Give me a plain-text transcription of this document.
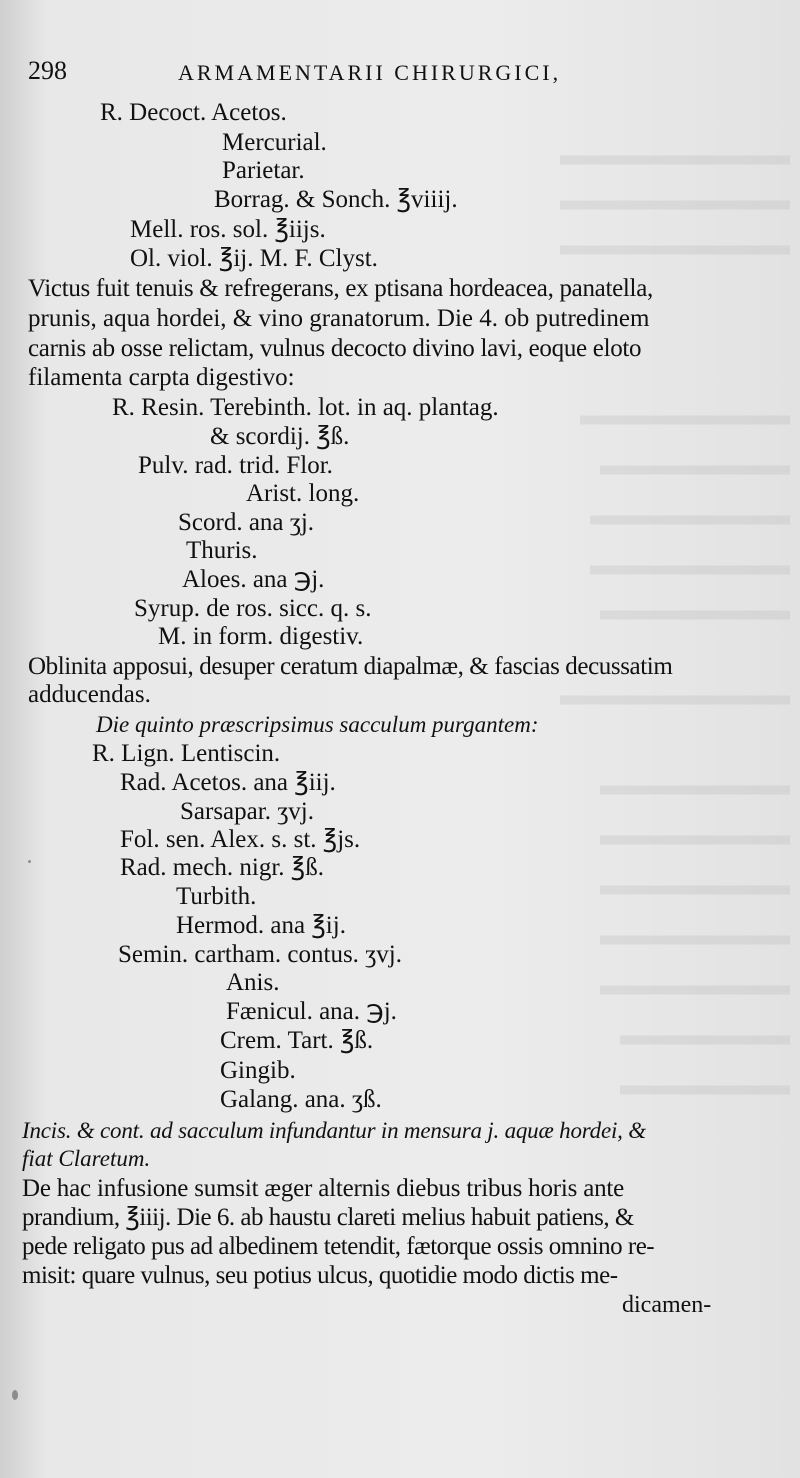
298	ARMAMENTARII CHIRURGICI,
R. Decoct. Acetos.
Mercurial.
Parietar.
Borrag. & Sonch. ℥viiij.
Mell. ros. sol. ℥iijs.
Ol. viol. ℥ij. M. F. Clyst.
Victus fuit tenuis & refregerans, ex ptisana hordeacea, panatella,
prunis, aqua hordei, & vino granatorum. Die 4. ob putredinem
carnis ab osse relictam, vulnus decocto divino lavi, eoque eloto
filamenta carpta digestivo:
R. Resin. Terebinth. lot. in aq. plantag.
& scordij. ℥ß.
Pulv. rad. trid. Flor.
Arist. long.
Scord. ana ʒj.
Thuris.
Aloes. ana ℈j.
Syrup. de ros. sicc. q. s.
M. in form. digestiv.
Oblinita apposui, desuper ceratum diapalmæ, & fascias decussatim
adducendas.
Die quinto præscripsimus sacculum purgantem:
R. Lign. Lentiscin.
Rad. Acetos. ana ℥iij.
Sarsapar. ʒvj.
Fol. sen. Alex. s. st. ℥js.
Rad. mech. nigr. ℥ß.
Turbith.
Hermod. ana ℥ij.
Semin. cartham. contus. ʒvj.
Anis.
Fænicul. ana. ℈j.
Crem. Tart. ℥ß.
Gingib.
Galang. ana. ʒß.
Incis. & cont. ad sacculum infundantur in mensura j. aquæ hordei, &
fiat Claretum.
De hac infusione sumsit æger alternis diebus tribus horis ante
prandium, ℥iiij. Die 6. ab haustu clareti melius habuit patiens, &
pede religato pus ad albedinem tetendit, fætorque ossis omnino re-
misit: quare vulnus, seu potius ulcus, quotidie modo dictis me-
dicamen-
